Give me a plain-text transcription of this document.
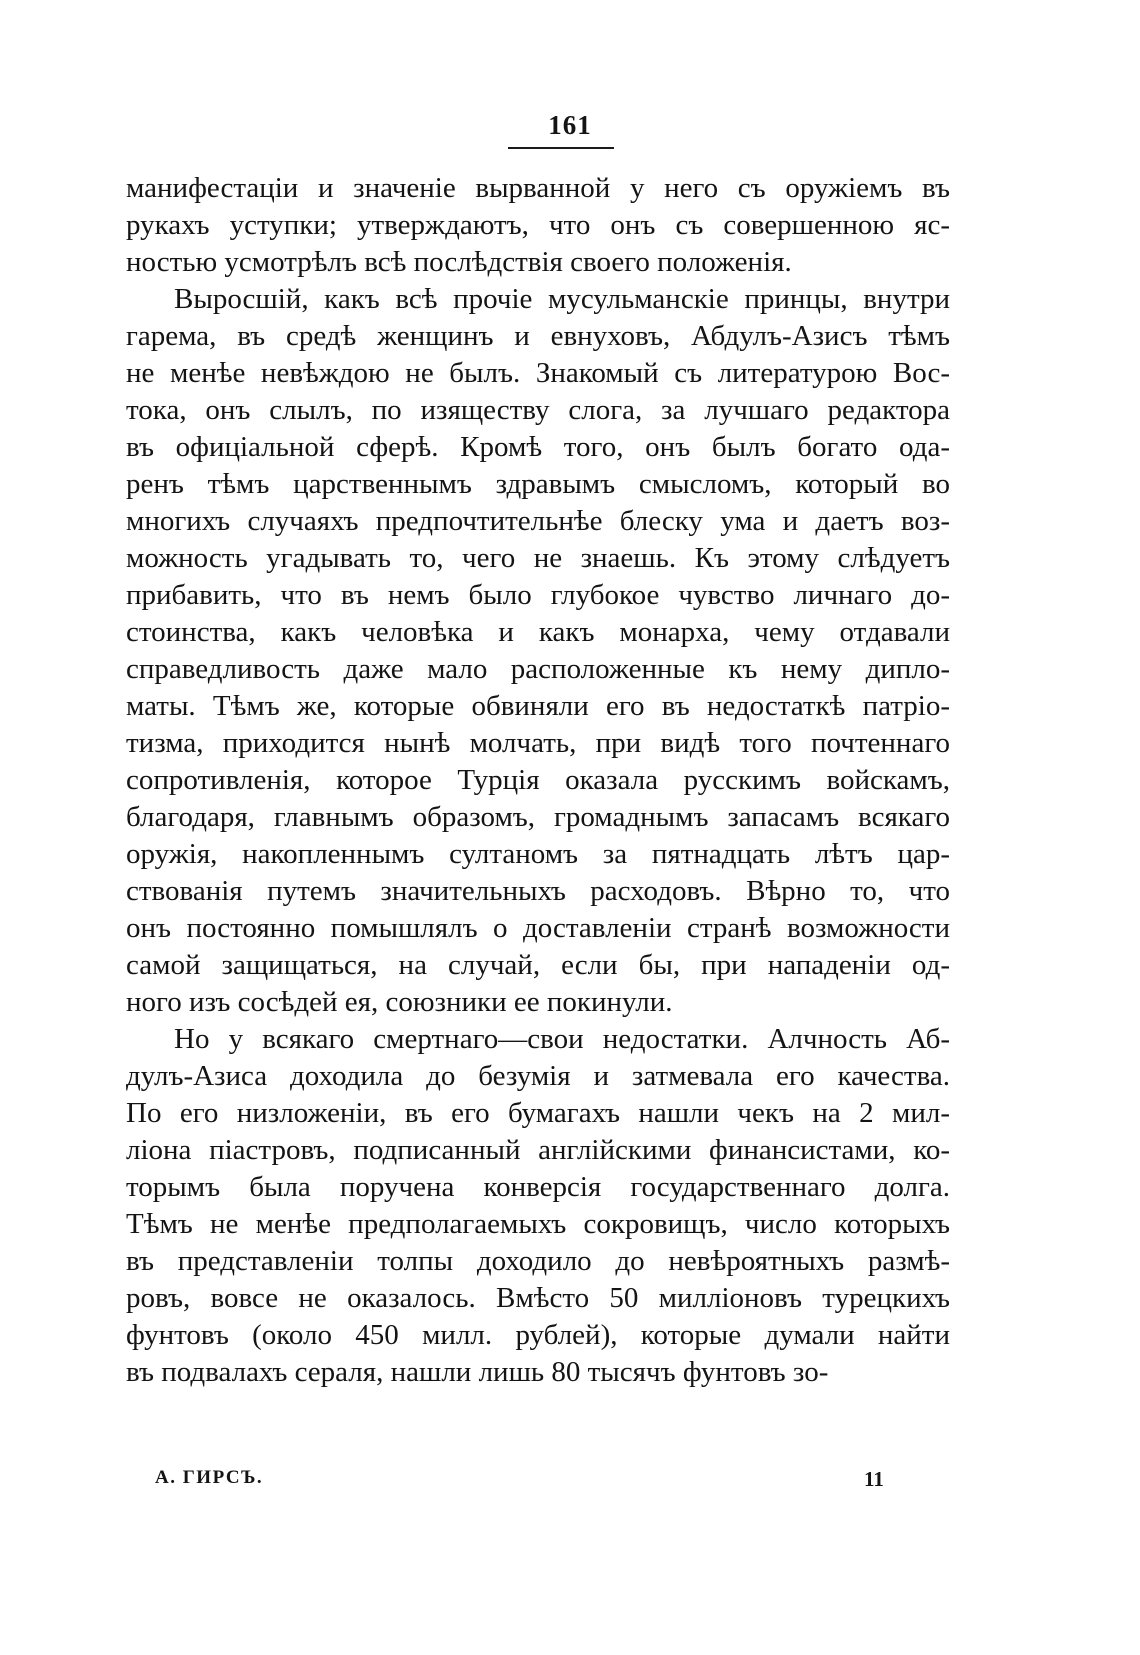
161
манифестаціи и значеніе вырванной у него съ оружіемъ въ
рукахъ уступки; утверждаютъ, что онъ съ совершенною яс-
ностью усмотрѣлъ всѣ послѣдствія своего положенія.
Выросшій, какъ всѣ прочіе мусульманскіе принцы, внутри
гарема, въ средѣ женщинъ и евнуховъ, Абдулъ-Азисъ тѣмъ
не менѣе невѣждою не былъ. Знакомый съ литературою Вос-
тока, онъ слылъ, по изяществу слога, за лучшаго редактора
въ офиціальной сферѣ. Кромѣ того, онъ былъ богато ода-
ренъ тѣмъ царственнымъ здравымъ смысломъ, который во
многихъ случаяхъ предпочтительнѣе блеску ума и даетъ воз-
можность угадывать то, чего не знаешь. Къ этому слѣдуетъ
прибавить, что въ немъ было глубокое чувство личнаго до-
стоинства, какъ человѣка и какъ монарха, чему отдавали
справедливость даже мало расположенные къ нему дипло-
маты. Тѣмъ же, которые обвиняли его въ недостаткѣ патріо-
тизма, приходится нынѣ молчать, при видѣ того почтеннаго
сопротивленія, которое Турція оказала русскимъ войскамъ,
благодаря, главнымъ образомъ, громаднымъ запасамъ всякаго
оружія, накопленнымъ султаномъ за пятнадцать лѣтъ цар-
ствованія путемъ значительныхъ расходовъ. Вѣрно то, что
онъ постоянно помышлялъ о доставленіи странѣ возможности
самой защищаться, на случай, если бы, при нападеніи од-
ного изъ сосѣдей ея, союзники ее покинули.
Но у всякаго смертнаго—свои недостатки. Алчность Аб-
дулъ-Азиса доходила до безумія и затмевала его качества.
По его низложеніи, въ его бумагахъ нашли чекъ на 2 мил-
ліона піастровъ, подписанный англійскими финансистами, ко-
торымъ была поручена конверсія государственнаго долга.
Тѣмъ не менѣе предполагаемыхъ сокровищъ, число которыхъ
въ представленіи толпы доходило до невѣроятныхъ размѣ-
ровъ, вовсе не оказалось. Вмѣсто 50 милліоновъ турецкихъ
фунтовъ (около 450 милл. рублей), которые думали найти
въ подвалахъ сераля, нашли лишь 80 тысячъ фунтовъ зо-
А. ГИРСЪ.	11
